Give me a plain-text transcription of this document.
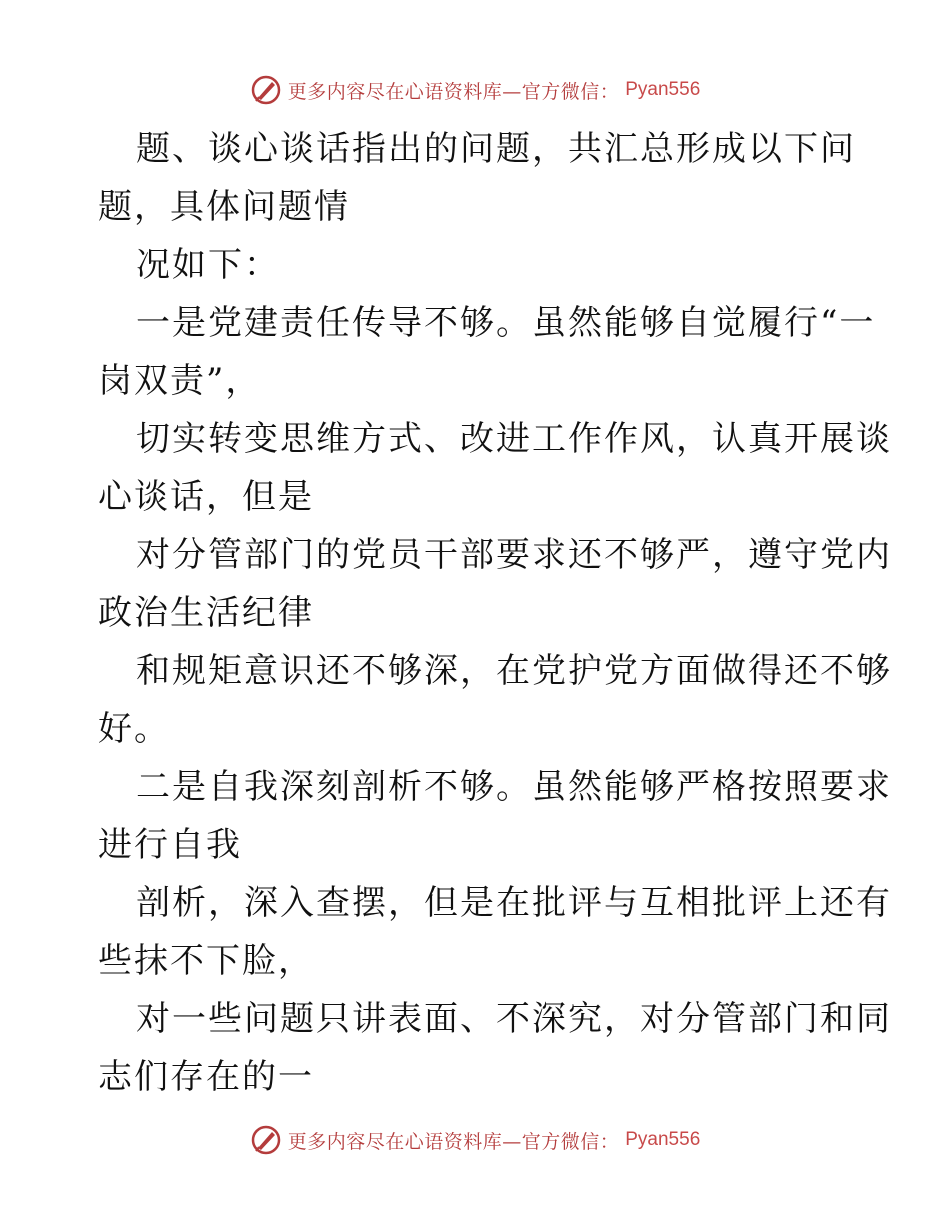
更多内容尽在心语资料库—官方微信： Pyan556
题、谈心谈话指出的问题，共汇总形成以下问
题，具体问题情
况如下：
一是党建责任传导不够。虽然能够自觉履行“一
岗双责”，
切实转变思维方式、改进工作作风，认真开展谈
心谈话，但是
对分管部门的党员干部要求还不够严，遵守党内
政治生活纪律
和规矩意识还不够深，在党护党方面做得还不够
好。
二是自我深刻剖析不够。虽然能够严格按照要求
进行自我
剖析，深入查摆，但是在批评与互相批评上还有
些抹不下脸，
对一些问题只讲表面、不深究，对分管部门和同
志们存在的一
更多内容尽在心语资料库—官方微信： Pyan556
